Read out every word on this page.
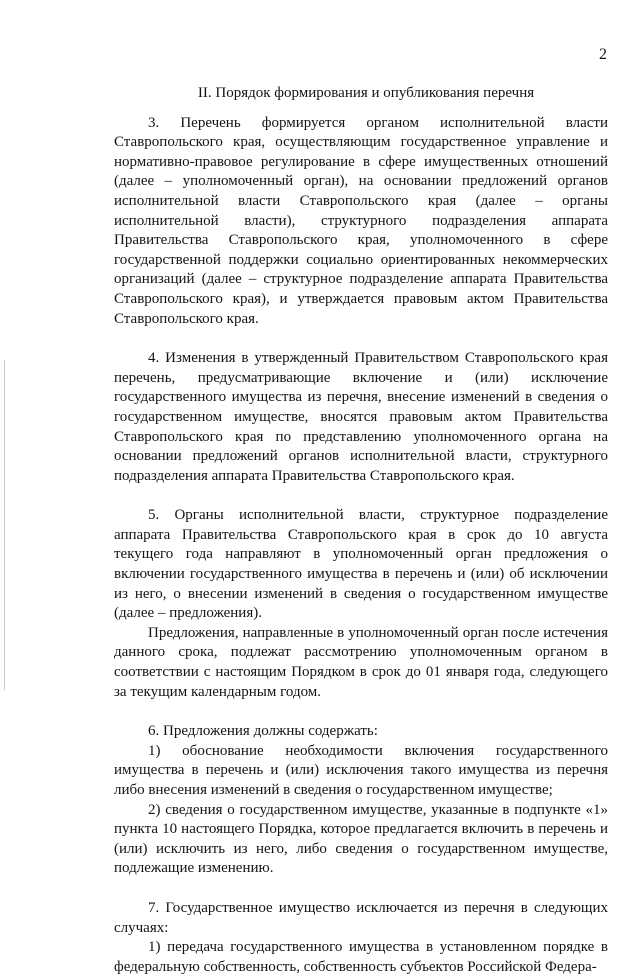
2
II. Порядок формирования и опубликования перечня

3. Перечень формируется органом исполнительной власти Ставропольского края, осуществляющим государственное управление и нормативно-правовое регулирование в сфере имущественных отношений (далее – уполномоченный орган), на основании предложений органов исполнительной власти Ставропольского края (далее – органы исполнительной власти), структурного подразделения аппарата Правительства Ставропольского края, уполномоченного в сфере государственной поддержки социально ориентированных некоммерческих организаций (далее – структурное подразделение аппарата Правительства Ставропольского края), и утверждается правовым актом Правительства Ставропольского края.

4. Изменения в утвержденный Правительством Ставропольского края перечень, предусматривающие включение и (или) исключение государственного имущества из перечня, внесение изменений в сведения о государственном имуществе, вносятся правовым актом Правительства Ставропольского края по представлению уполномоченного органа на основании предложений органов исполнительной власти, структурного подразделения аппарата Правительства Ставропольского края.

5. Органы исполнительной власти, структурное подразделение аппарата Правительства Ставропольского края в срок до 10 августа текущего года направляют в уполномоченный орган предложения о включении государственного имущества в перечень и (или) об исключении из него, о внесении изменений в сведения о государственном имуществе (далее – предложения).

Предложения, направленные в уполномоченный орган после истечения данного срока, подлежат рассмотрению уполномоченным органом в соответствии с настоящим Порядком в срок до 01 января года, следующего за текущим календарным годом.

6. Предложения должны содержать:

1) обоснование необходимости включения государственного имущества в перечень и (или) исключения такого имущества из перечня либо внесения изменений в сведения о государственном имуществе;

2) сведения о государственном имуществе, указанные в подпункте «1» пункта 10 настоящего Порядка, которое предлагается включить в перечень и (или) исключить из него, либо сведения о государственном имуществе, подлежащие изменению.

7. Государственное имущество исключается из перечня в следующих случаях:

1) передача государственного имущества в установленном порядке в федеральную собственность, собственность субъектов Российской Федера-
